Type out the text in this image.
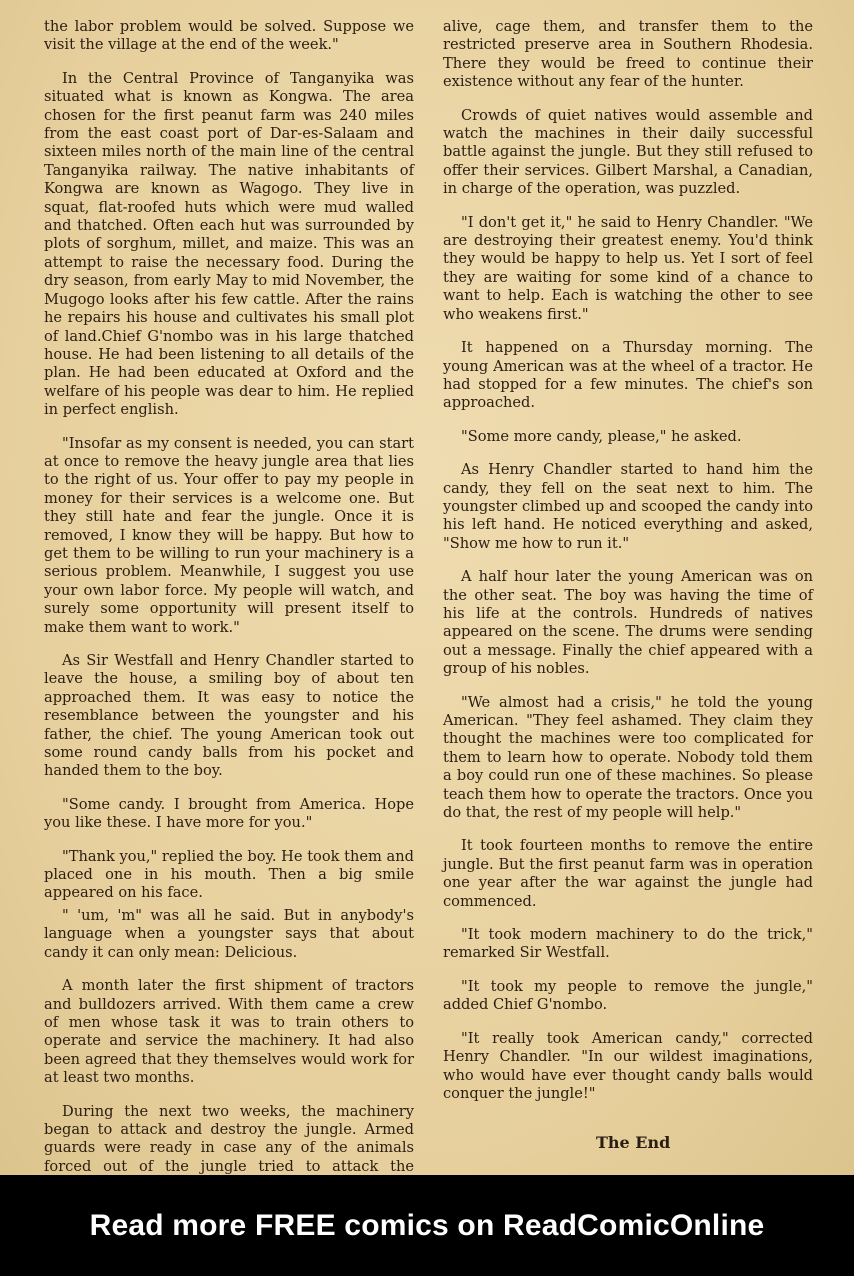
the labor problem would be solved. Suppose we visit the village at the end of the week."

In the Central Province of Tanganyika was situated what is known as Kongwa. The area chosen for the first peanut farm was 240 miles from the east coast port of Dar-es-Salaam and sixteen miles north of the main line of the central Tanganyika railway. The native inhabitants of Kongwa are known as Wagogo. They live in squat, flat-roofed huts which were mud walled and thatched. Often each hut was surrounded by plots of sorghum, millet, and maize. This was an attempt to raise the necessary food. During the dry season, from early May to mid November, the Mugogo looks after his few cattle. After the rains he repairs his house and cultivates his small plot of land.Chief G'nombo was in his large thatched house. He had been listening to all details of the plan. He had been educated at Oxford and the welfare of his people was dear to him. He replied in perfect english.

"Insofar as my consent is needed, you can start at once to remove the heavy jungle area that lies to the right of us. Your offer to pay my people in money for their services is a welcome one. But they still hate and fear the jungle. Once it is removed, I know they will be happy. But how to get them to be willing to run your machinery is a serious problem. Meanwhile, I suggest you use your own labor force. My people will watch, and surely some opportunity will present itself to make them want to work."

As Sir Westfall and Henry Chandler started to leave the house, a smiling boy of about ten approached them. It was easy to notice the resemblance between the youngster and his father, the chief. The young American took out some round candy balls from his pocket and handed them to the boy.

"Some candy. I brought from America. Hope you like these. I have more for you."

"Thank you," replied the boy. He took them and placed one in his mouth. Then a big smile appeared on his face.

" 'um, 'm" was all he said. But in anybody's language when a youngster says that about candy it can only mean: Delicious.

A month later the first shipment of tractors and bulldozers arrived. With them came a crew of men whose task it was to train others to operate and service the machinery. It had also been agreed that they themselves would work for at least two months.

During the next two weeks, the machinery began to attack and destroy the jungle. Armed guards were ready in case any of the animals forced out of the jungle tried to attack the

alive, cage them, and transfer them to the restricted preserve area in Southern Rhodesia. There they would be freed to continue their existence without any fear of the hunter.

Crowds of quiet natives would assemble and watch the machines in their daily successful battle against the jungle. But they still refused to offer their services. Gilbert Marshal, a Canadian, in charge of the operation, was puzzled.

"I don't get it," he said to Henry Chandler. "We are destroying their greatest enemy. You'd think they would be happy to help us. Yet I sort of feel they are waiting for some kind of a chance to want to help. Each is watching the other to see who weakens first."

It happened on a Thursday morning. The young American was at the wheel of a tractor. He had stopped for a few minutes. The chief's son approached.

"Some more candy, please," he asked.

As Henry Chandler started to hand him the candy, they fell on the seat next to him. The youngster climbed up and scooped the candy into his left hand. He noticed everything and asked, "Show me how to run it."

A half hour later the young American was on the other seat. The boy was having the time of his life at the controls. Hundreds of natives appeared on the scene. The drums were sending out a message. Finally the chief appeared with a group of his nobles.

"We almost had a crisis," he told the young American. "They feel ashamed. They claim they thought the machines were too complicated for them to learn how to operate. Nobody told them a boy could run one of these machines. So please teach them how to operate the tractors. Once you do that, the rest of my people will help."

It took fourteen months to remove the entire jungle. But the first peanut farm was in operation one year after the war against the jungle had commenced.

"It took modern machinery to do the trick," remarked Sir Westfall.

"It took my people to remove the jungle," added Chief G'nombo.

"It really took American candy," corrected Henry Chandler. "In our wildest imaginations, who would have ever thought candy balls would conquer the jungle!"

The End
Read more FREE comics on ReadComicOnline
